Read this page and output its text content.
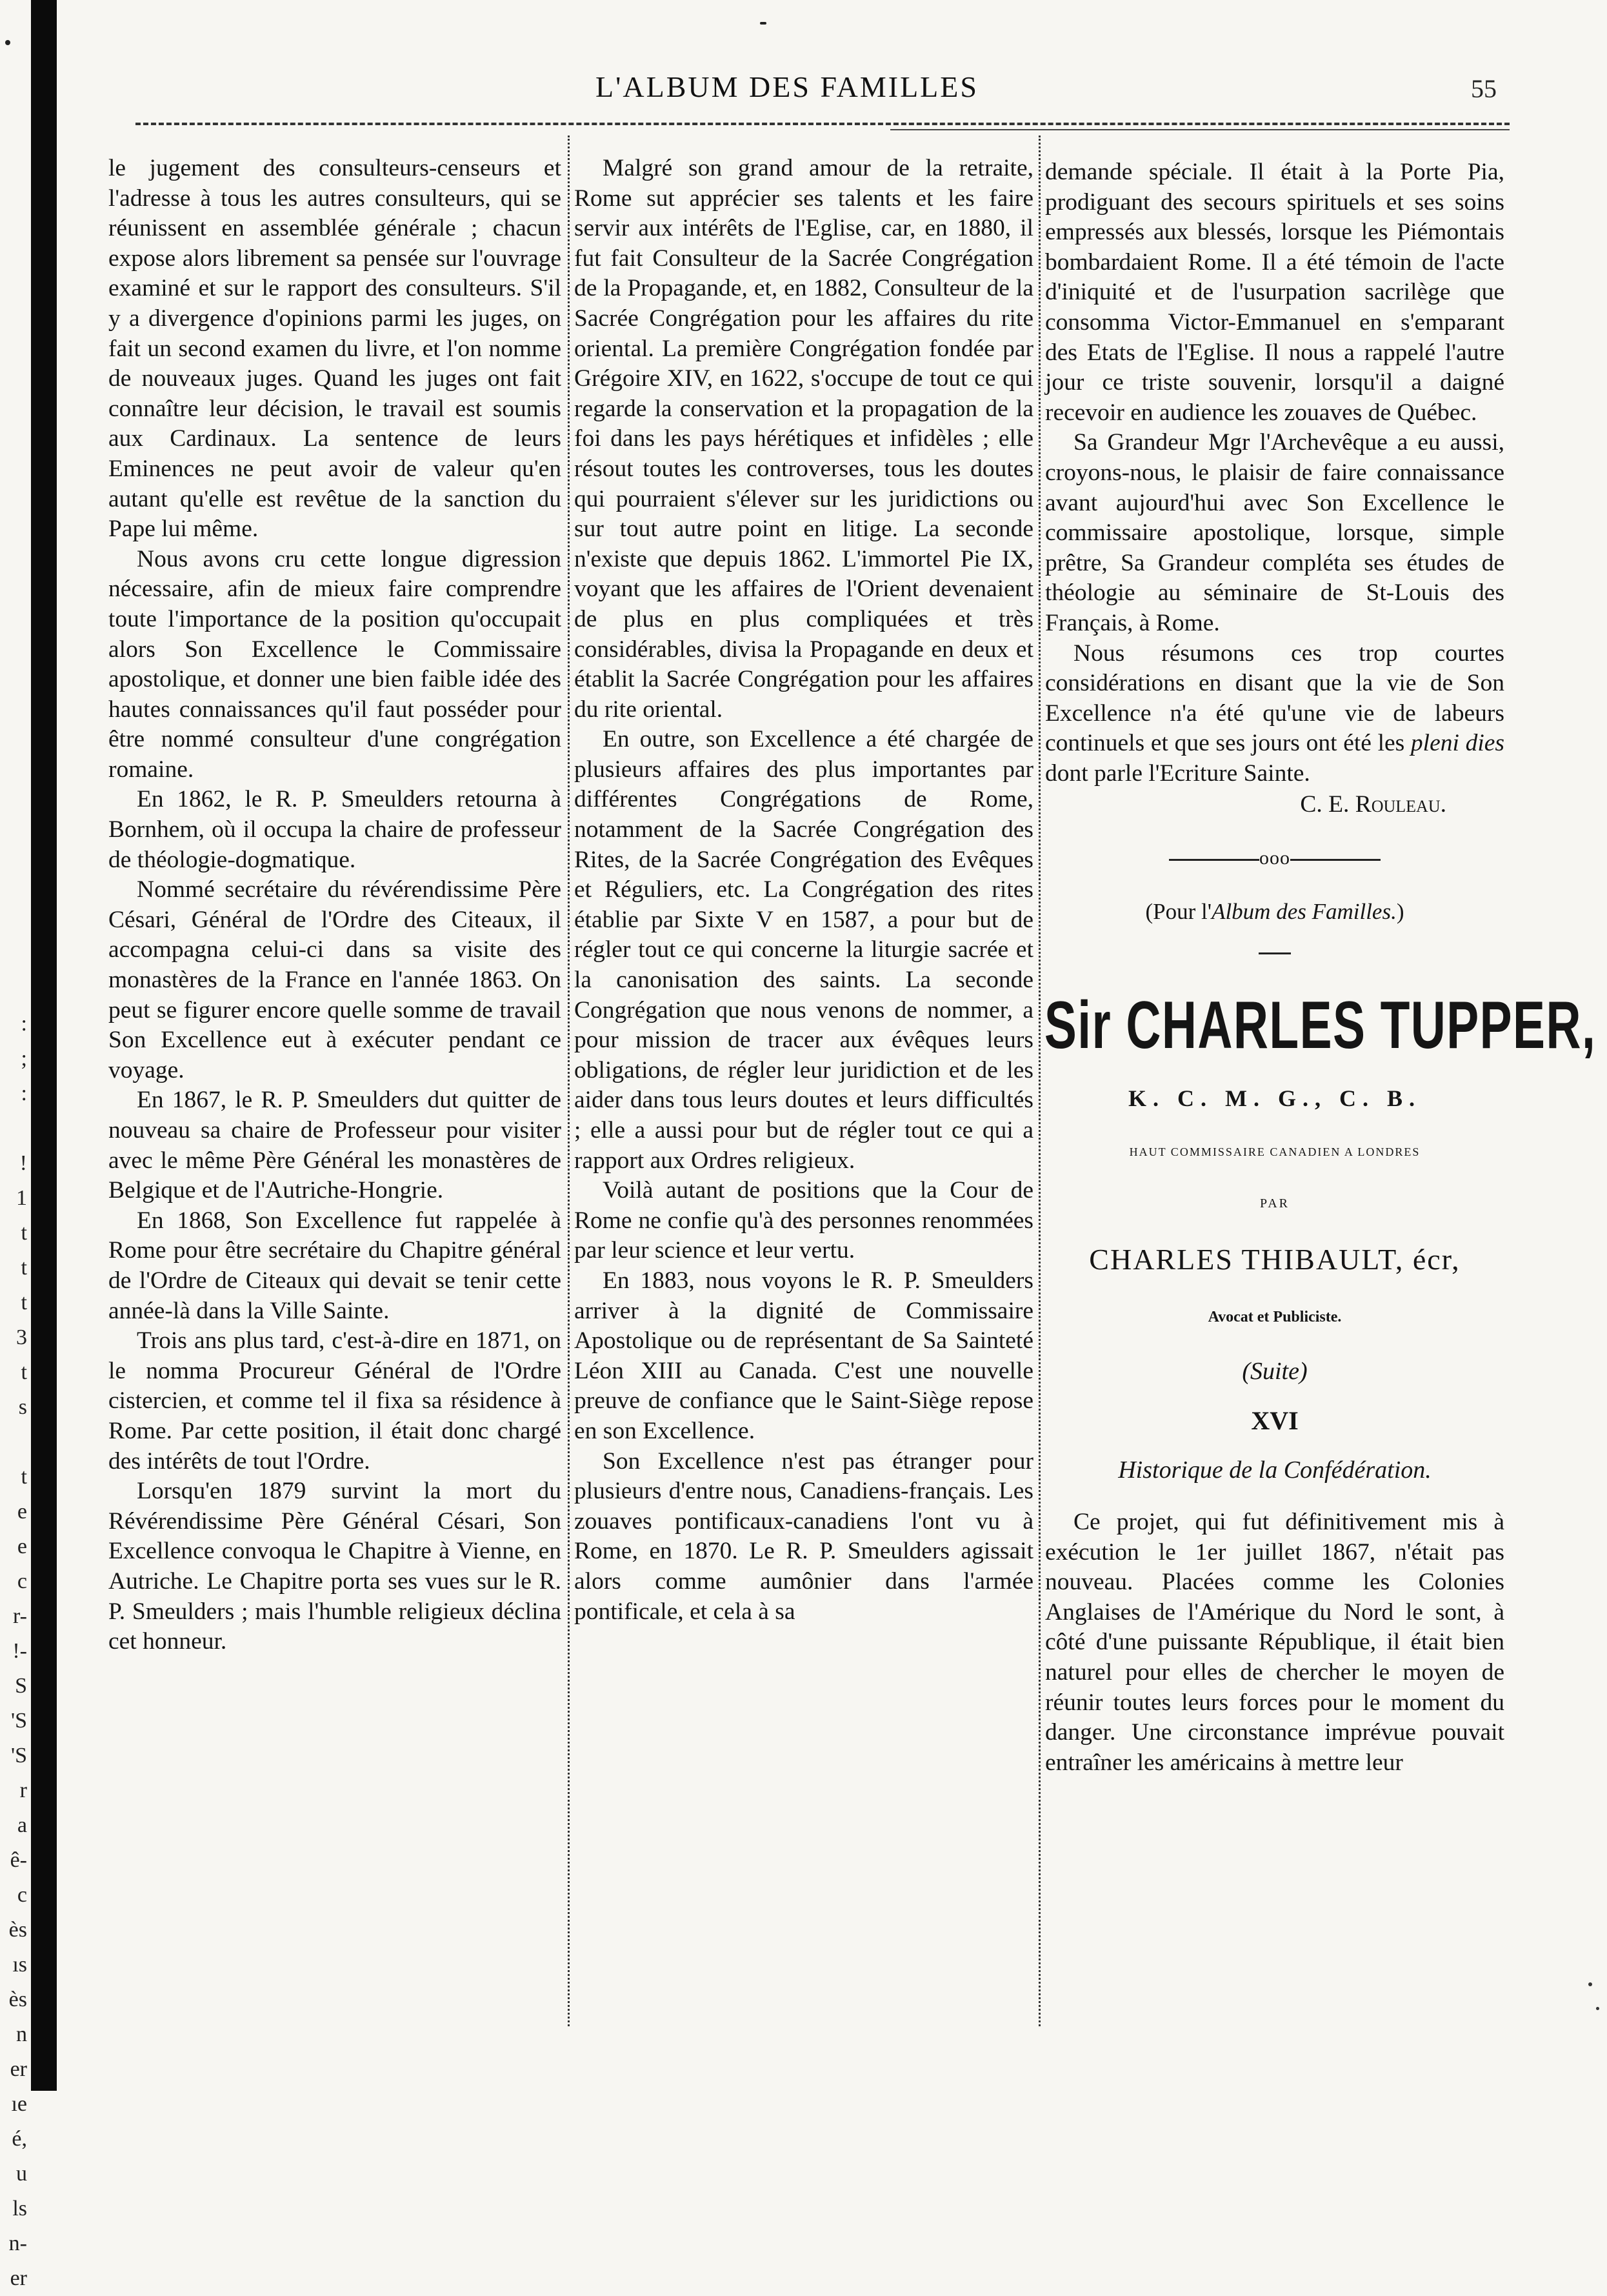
:
;
:
!
1
t
t
t
3
t
s
t
e
e
c
r-
!-
S
'S
'S
r
a
ê-
c
ès
ıs
ès
n
er
ıe
é,
u
ls
n-
er
L'ALBUM DES FAMILLES	55

le jugement des consulteurs-censeurs et l'adresse à tous les autres consulteurs, qui se réunissent en assemblée générale ; chacun expose alors librement sa pensée sur l'ouvrage examiné et sur le rapport des consulteurs. S'il y a divergence d'opinions parmi les juges, on fait un second examen du livre, et l'on nomme de nouveaux juges. Quand les juges ont fait connaître leur décision, le travail est soumis aux Cardinaux. La sentence de leurs Eminences ne peut avoir de valeur qu'en autant qu'elle est revêtue de la sanction du Pape lui même.

Nous avons cru cette longue digression nécessaire, afin de mieux faire comprendre toute l'importance de la position qu'occupait alors Son Excellence le Commissaire apostolique, et donner une bien faible idée des hautes connaissances qu'il faut posséder pour être nommé consulteur d'une congrégation romaine.

En 1862, le R. P. Smeulders retourna à Bornhem, où il occupa la chaire de professeur de théologie-dogmatique.

Nommé secrétaire du révérendissime Père Césari, Général de l'Ordre des Citeaux, il accompagna celui-ci dans sa visite des monastères de la France en l'année 1863. On peut se figurer encore quelle somme de travail Son Excellence eut à exécuter pendant ce voyage.

En 1867, le R. P. Smeulders dut quitter de nouveau sa chaire de Professeur pour visiter avec le même Père Général les monastères de Belgique et de l'Autriche-Hongrie.

En 1868, Son Excellence fut rappelée à Rome pour être secrétaire du Chapitre général de l'Ordre de Citeaux qui devait se tenir cette année-là dans la Ville Sainte.

Trois ans plus tard, c'est-à-dire en 1871, on le nomma Procureur Général de l'Ordre cistercien, et comme tel il fixa sa résidence à Rome. Par cette position, il était donc chargé des intérêts de tout l'Ordre.

Lorsqu'en 1879 survint la mort du Révérendissime Père Général Césari, Son Excellence convoqua le Chapitre à Vienne, en Autriche. Le Chapitre porta ses vues sur le R. P. Smeulders ; mais l'humble religieux déclina cet honneur.

Malgré son grand amour de la retraite, Rome sut apprécier ses talents et les faire servir aux intérêts de l'Eglise, car, en 1880, il fut fait Consulteur de la Sacrée Congrégation de la Propagande, et, en 1882, Consulteur de la Sacrée Congrégation pour les affaires du rite oriental. La première Congrégation fondée par Grégoire XIV, en 1622, s'occupe de tout ce qui regarde la conservation et la propagation de la foi dans les pays hérétiques et infidèles ; elle résout toutes les controverses, tous les doutes qui pourraient s'élever sur les juridictions ou sur tout autre point en litige. La seconde n'existe que depuis 1862. L'immortel Pie IX, voyant que les affaires de l'Orient devenaient de plus en plus compliquées et très considérables, divisa la Propagande en deux et établit la Sacrée Congrégation pour les affaires du rite oriental.

En outre, son Excellence a été chargée de plusieurs affaires des plus importantes par différentes Congrégations de Rome, notamment de la Sacrée Congrégation des Rites, de la Sacrée Congrégation des Evêques et Réguliers, etc. La Congrégation des rites établie par Sixte V en 1587, a pour but de régler tout ce qui concerne la liturgie sacrée et la canonisation des saints. La seconde Congrégation que nous venons de nommer, a pour mission de tracer aux évêques leurs obligations, de régler leur juridiction et de les aider dans tous leurs doutes et leurs difficultés ; elle a aussi pour but de régler tout ce qui a rapport aux Ordres religieux.

Voilà autant de positions que la Cour de Rome ne confie qu'à des personnes renommées par leur science et leur vertu.

En 1883, nous voyons le R. P. Smeulders arriver à la dignité de Commissaire Apostolique ou de représentant de Sa Sainteté Léon XIII au Canada. C'est une nouvelle preuve de confiance que le Saint-Siège repose en son Excellence.

Son Excellence n'est pas étranger pour plusieurs d'entre nous, Canadiens-français. Les zouaves pontificaux-canadiens l'ont vu à Rome, en 1870. Le R. P. Smeulders agissait alors comme aumônier dans l'armée pontificale, et cela à sa

demande spéciale. Il était à la Porte Pia, prodiguant des secours spirituels et ses soins empressés aux blessés, lorsque les Piémontais bombardaient Rome. Il a été témoin de l'acte d'iniquité et de l'usurpation sacrilège que consomma Victor-Emmanuel en s'emparant des Etats de l'Eglise. Il nous a rappelé l'autre jour ce triste souvenir, lorsqu'il a daigné recevoir en audience les zouaves de Québec.

Sa Grandeur Mgr l'Archevêque a eu aussi, croyons-nous, le plaisir de faire connaissance avant aujourd'hui avec Son Excellence le commissaire apostolique, lorsque, simple prêtre, Sa Grandeur compléta ses études de théologie au séminaire de St-Louis des Français, à Rome.

Nous résumons ces trop courtes considérations en disant que la vie de Son Excellence n'a été qu'une vie de labeurs continuels et que ses jours ont été les pleni dies dont parle l'Ecriture Sainte.

C. E. Rouleau.

ooo

(Pour l'Album des Familles.)

Sir CHARLES TUPPER,

K. C. M. G., C. B.

HAUT COMMISSAIRE CANADIEN A LONDRES

PAR

CHARLES THIBAULT, écr,

Avocat et Publiciste.

(Suite)

XVI

Historique de la Confédération.

Ce projet, qui fut définitivement mis à exécution le 1er juillet 1867, n'était pas nouveau. Placées comme les Colonies Anglaises de l'Amérique du Nord le sont, à côté d'une puissante République, il était bien naturel pour elles de chercher le moyen de réunir toutes leurs forces pour le moment du danger. Une circonstance imprévue pouvait entraîner les américains à mettre leur
